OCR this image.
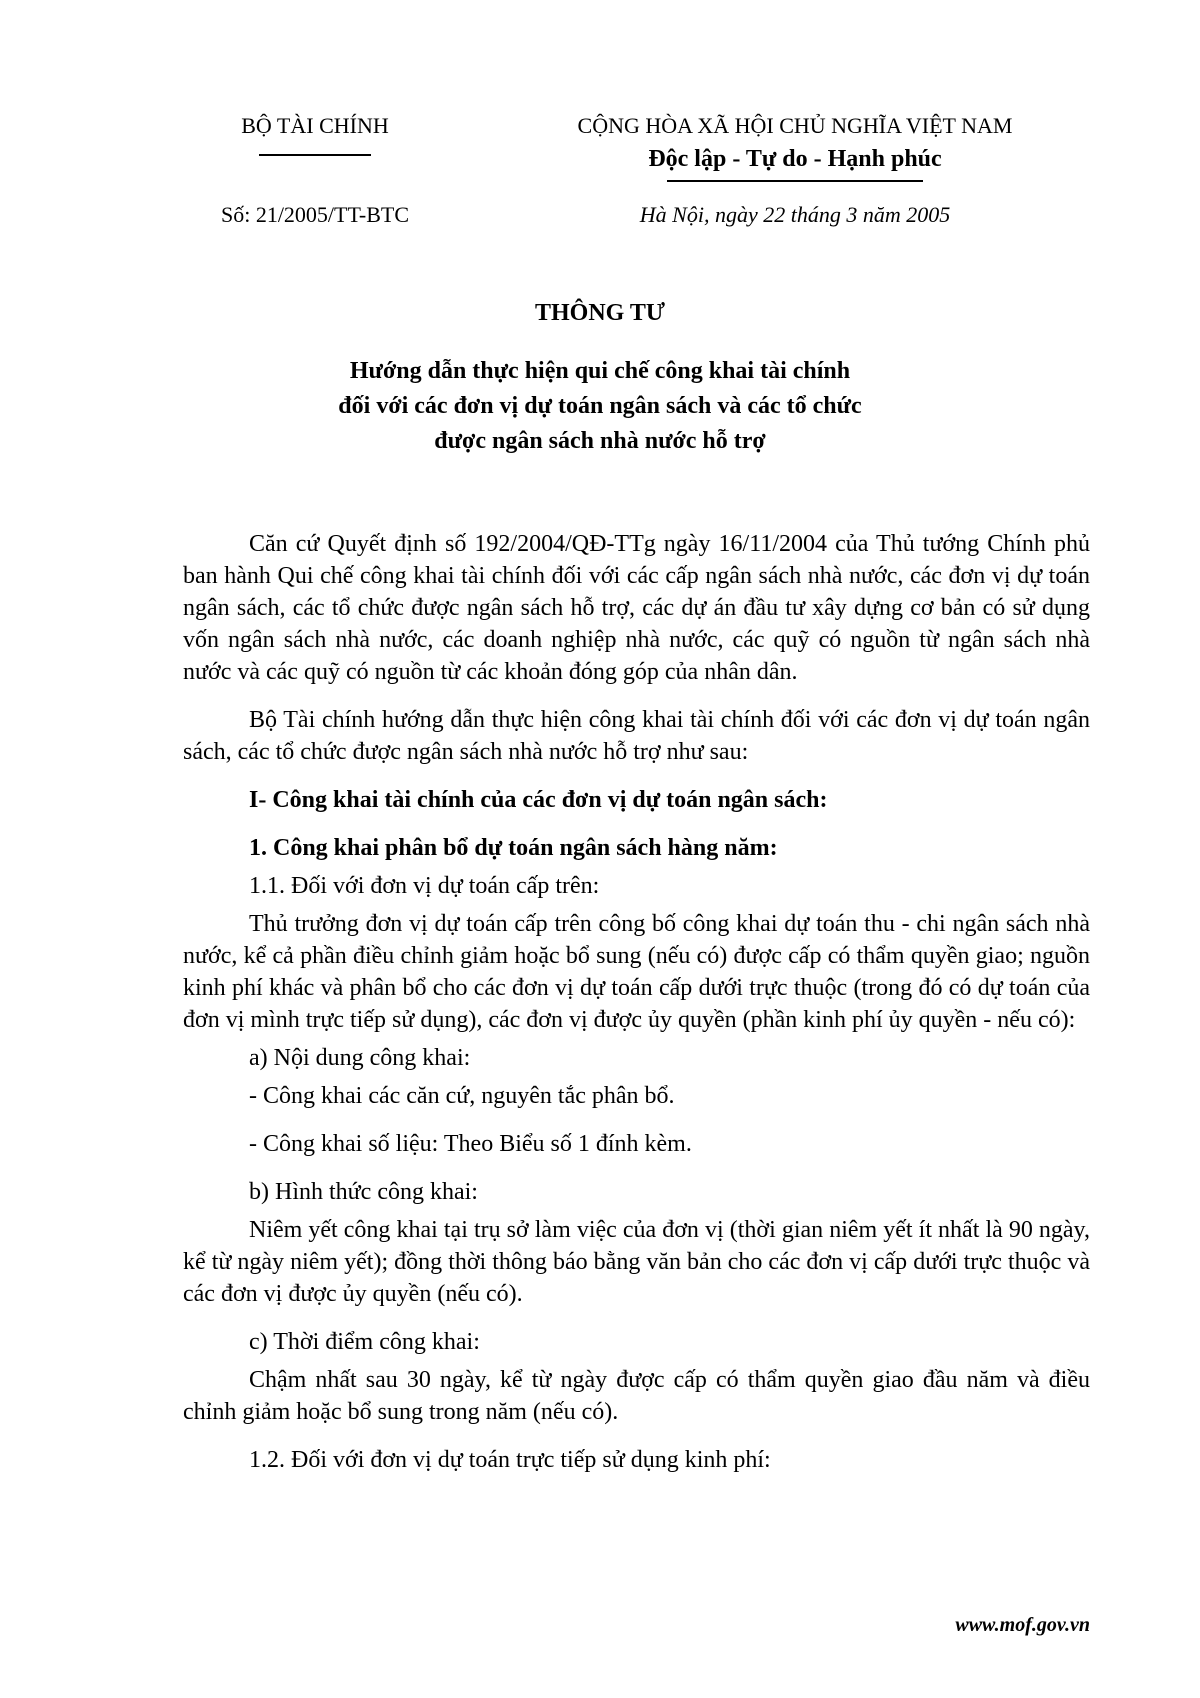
BỘ TÀI CHÍNH	CỘNG HÒA XÃ HỘI CHỦ NGHĨA VIỆT NAM
Độc lập - Tự do - Hạnh phúc
Số: 21/2005/TT-BTC	Hà Nội, ngày 22 tháng 3 năm 2005
THÔNG TƯ
Hướng dẫn thực hiện qui chế công khai tài chính
đối với các đơn vị dự toán ngân sách và các tổ chức
được ngân sách nhà nước hỗ trợ

Căn cứ Quyết định số 192/2004/QĐ-TTg ngày 16/11/2004 của Thủ tướng Chính phủ ban hành Qui chế công khai tài chính đối với các cấp ngân sách nhà nước, các đơn vị dự toán ngân sách, các tổ chức được ngân sách hỗ trợ, các dự án đầu tư xây dựng cơ bản có sử dụng vốn ngân sách nhà nước, các doanh nghiệp nhà nước, các quỹ có nguồn từ ngân sách nhà nước và các quỹ có nguồn từ các khoản đóng góp của nhân dân.

Bộ Tài chính hướng dẫn thực hiện công khai tài chính đối với các đơn vị dự toán ngân sách, các tổ chức được ngân sách nhà nước hỗ trợ như sau:

I- Công khai tài chính của các đơn vị dự toán ngân sách:

1. Công khai phân bổ dự toán ngân sách hàng năm:

1.1. Đối với đơn vị dự toán cấp trên:

Thủ trưởng đơn vị dự toán cấp trên công bố công khai dự toán thu - chi ngân sách nhà nước, kể cả phần điều chỉnh giảm hoặc bổ sung (nếu có) được cấp có thẩm quyền giao; nguồn kinh phí khác và phân bổ cho các đơn vị dự toán cấp dưới trực thuộc (trong đó có dự toán của đơn vị mình trực tiếp sử dụng), các đơn vị được ủy quyền (phần kinh phí ủy quyền - nếu có):

a) Nội dung công khai:

- Công khai các căn cứ, nguyên tắc phân bổ.

- Công khai số liệu: Theo Biểu số 1 đính kèm.

b) Hình thức công khai:

Niêm yết công khai tại trụ sở làm việc của đơn vị (thời gian niêm yết ít nhất là 90 ngày, kể từ ngày niêm yết); đồng thời thông báo bằng văn bản cho các đơn vị cấp dưới trực thuộc và các đơn vị được ủy quyền (nếu có).

c) Thời điểm công khai:

Chậm nhất sau 30 ngày, kể từ ngày được cấp có thẩm quyền giao đầu năm và điều chỉnh giảm hoặc bổ sung trong năm (nếu có).

1.2. Đối với đơn vị dự toán trực tiếp sử dụng kinh phí:

www.mof.gov.vn
